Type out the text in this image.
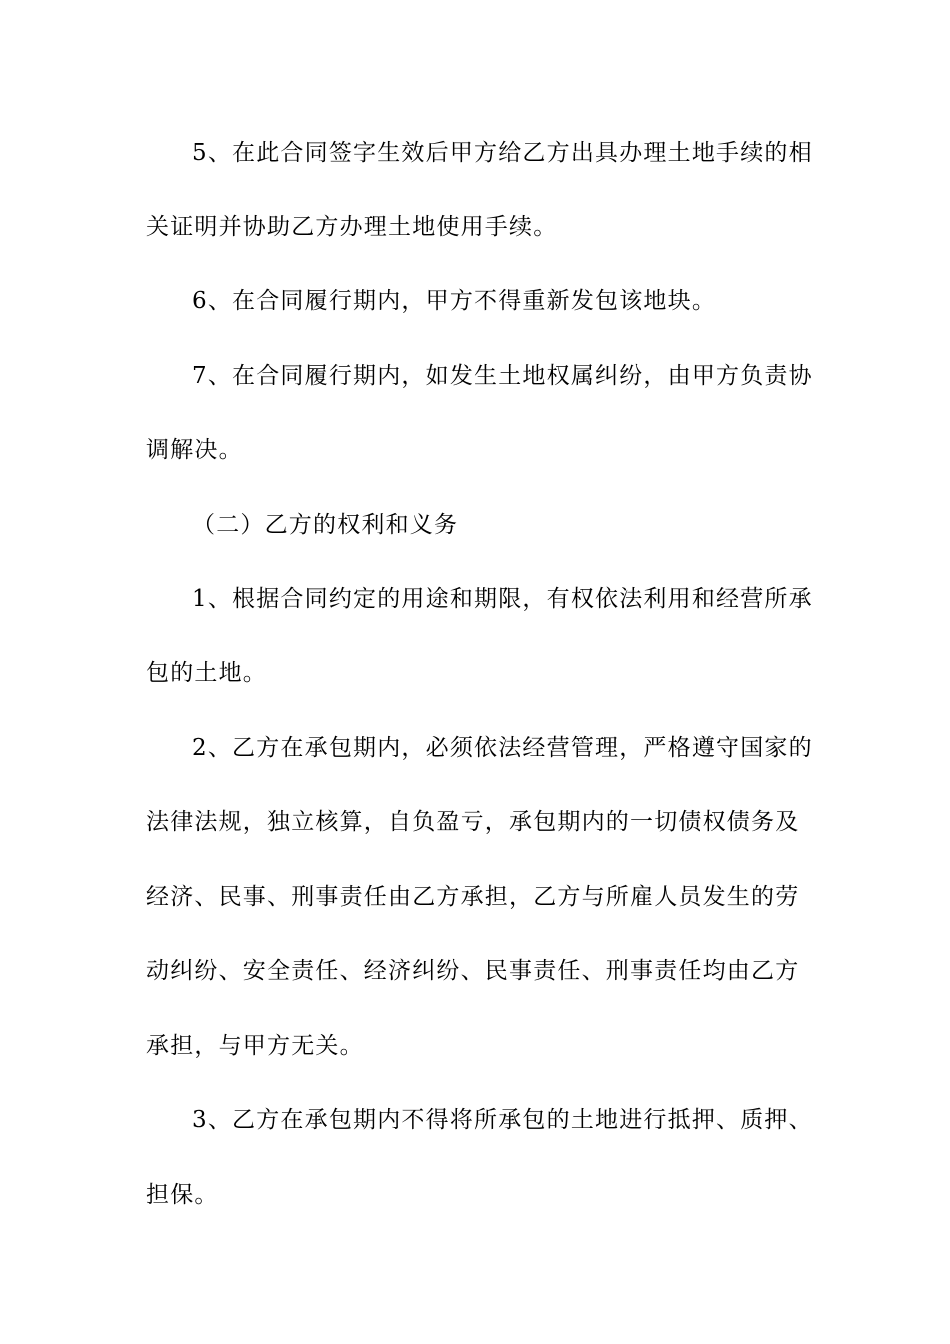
5、在此合同签字生效后甲方给乙方出具办理土地手续的相
关证明并协助乙方办理土地使用手续。
6、在合同履行期内，甲方不得重新发包该地块。
7、在合同履行期内，如发生土地权属纠纷，由甲方负责协
调解决。
（二）乙方的权利和义务
1、根据合同约定的用途和期限，有权依法利用和经营所承
包的土地。
2、乙方在承包期内，必须依法经营管理，严格遵守国家的
法律法规，独立核算，自负盈亏，承包期内的一切债权债务及
经济、民事、刑事责任由乙方承担，乙方与所雇人员发生的劳
动纠纷、安全责任、经济纠纷、民事责任、刑事责任均由乙方
承担，与甲方无关。
3、乙方在承包期内不得将所承包的土地进行抵押、质押、
担保。
